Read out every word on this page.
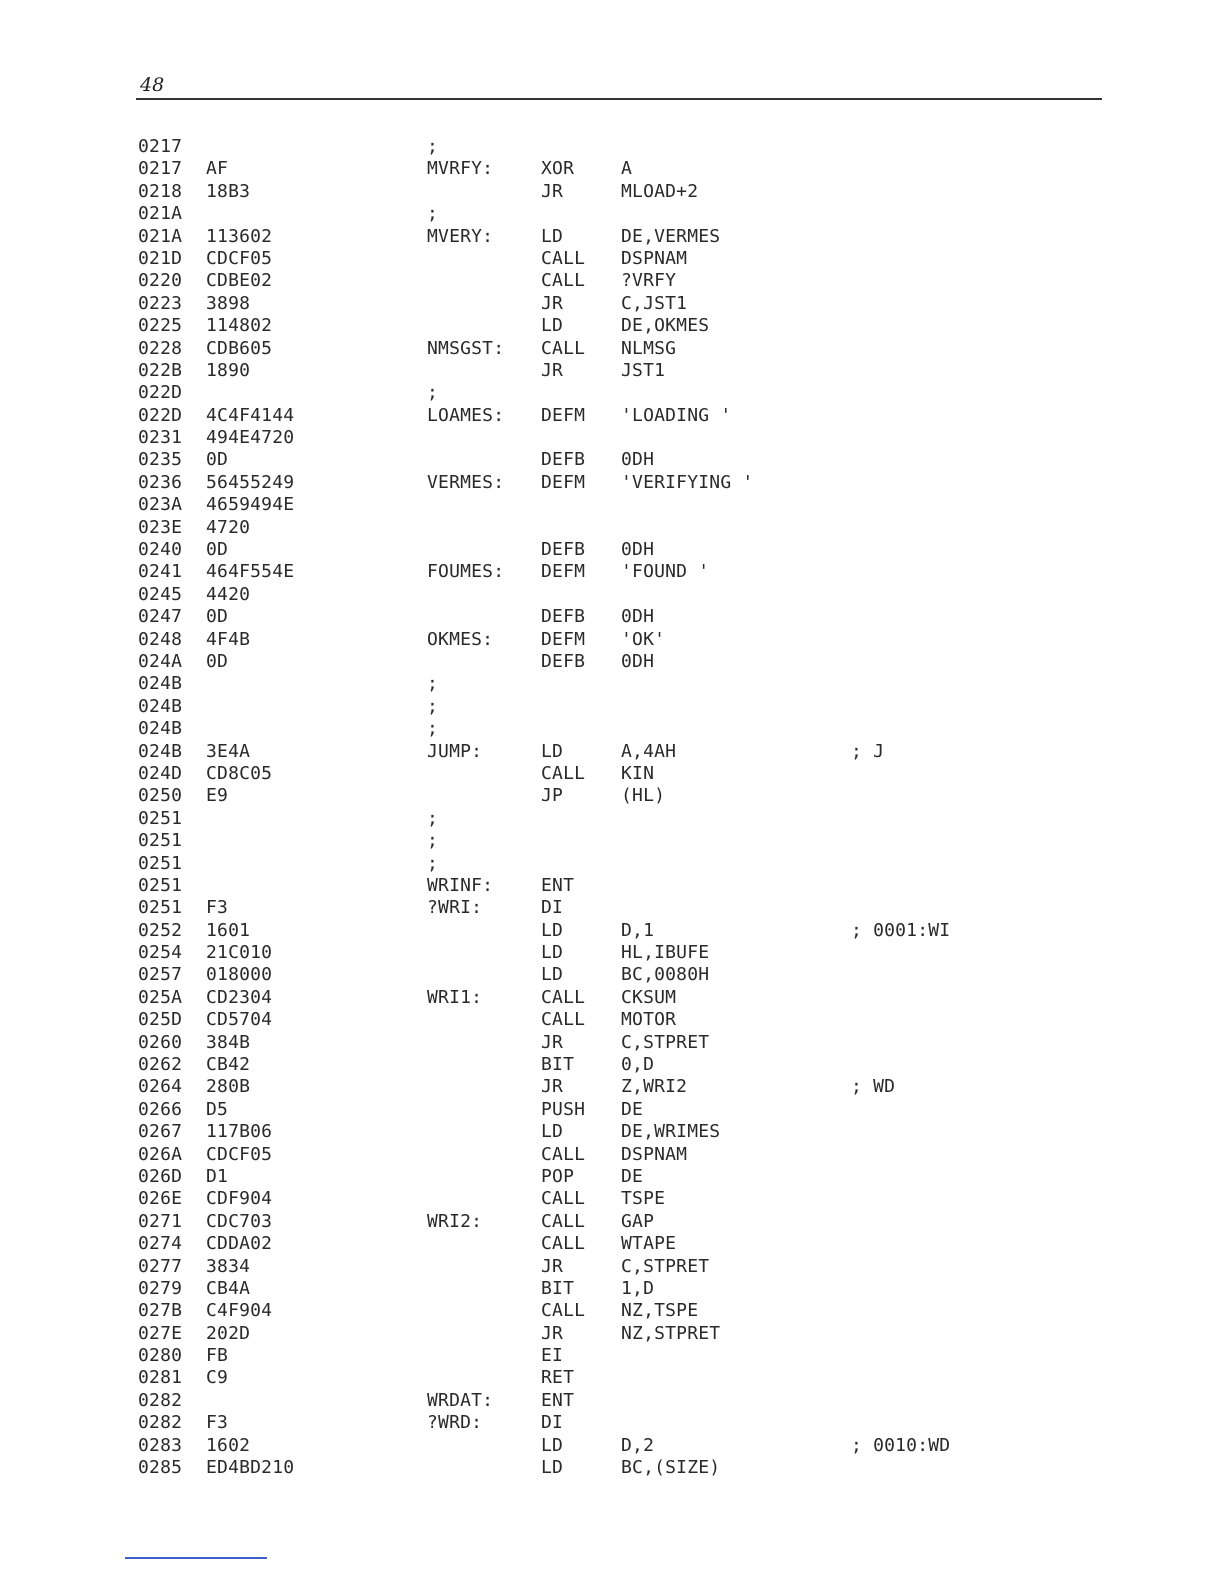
48
0217	;
0217 AF	MVRFY:	XOR	A
0218 18B3	JR	MLOAD+2
021A	;
021A 113602	MVERY:	LD	DE,VERMES
021D CDCF05	CALL DSPNAM
0220 CDBE02	CALL ?VRFY
0223 3898	JR	C,JST1
0225 114802	LD	DE,OKMES
0228 CDB605	NMSGST: CALL NLMSG
022B 1890	JR	JST1
022D	;
022D 4C4F4144	LOAMES: DEFM 'LOADING '
0231 494E4720
0235 0D	DEFB 0DH
0236 56455249	VERMES: DEFM 'VERIFYING '
023A 4659494E
023E 4720
0240 0D	DEFB 0DH
0241 464F554E	FOUMES: DEFM 'FOUND '
0245 4420
0247 0D	DEFB 0DH
0248 4F4B	OKMES:	DEFM 'OK'
024A 0D	DEFB 0DH
024B	;
024B	;
024B	;
024B 3E4A	JUMP:	LD	A,4AH	; J
024D CD8C05	CALL KIN
0250 E9	JP	(HL)
0251	;
0251	;
0251	;
0251	WRINF:	ENT
0251 F3	?WRI:	DI
0252 1601	LD	D,1	; 0001:WI
0254 21C010	LD	HL,IBUFE
0257 018000	LD	BC,0080H
025A CD2304	WRI1:	CALL CKSUM
025D CD5704	CALL MOTOR
0260 384B	JR	C,STPRET
0262 CB42	BIT	0,D
0264 280B	JR	Z,WRI2	; WD
0266 D5	PUSH DE
0267 117B06	LD	DE,WRIMES
026A CDCF05	CALL DSPNAM
026D D1	POP	DE
026E CDF904	CALL TSPE
0271 CDC703	WRI2:	CALL GAP
0274 CDDA02	CALL WTAPE
0277 3834	JR	C,STPRET
0279 CB4A	BIT	1,D
027B C4F904	CALL NZ,TSPE
027E 202D	JR	NZ,STPRET
0280 FB	EI
0281 C9	RET
0282	WRDAT:	ENT
0282 F3	?WRD:	DI
0283 1602	LD	D,2	; 0010:WD
0285 ED4BD210	LD	BC,(SIZE)
